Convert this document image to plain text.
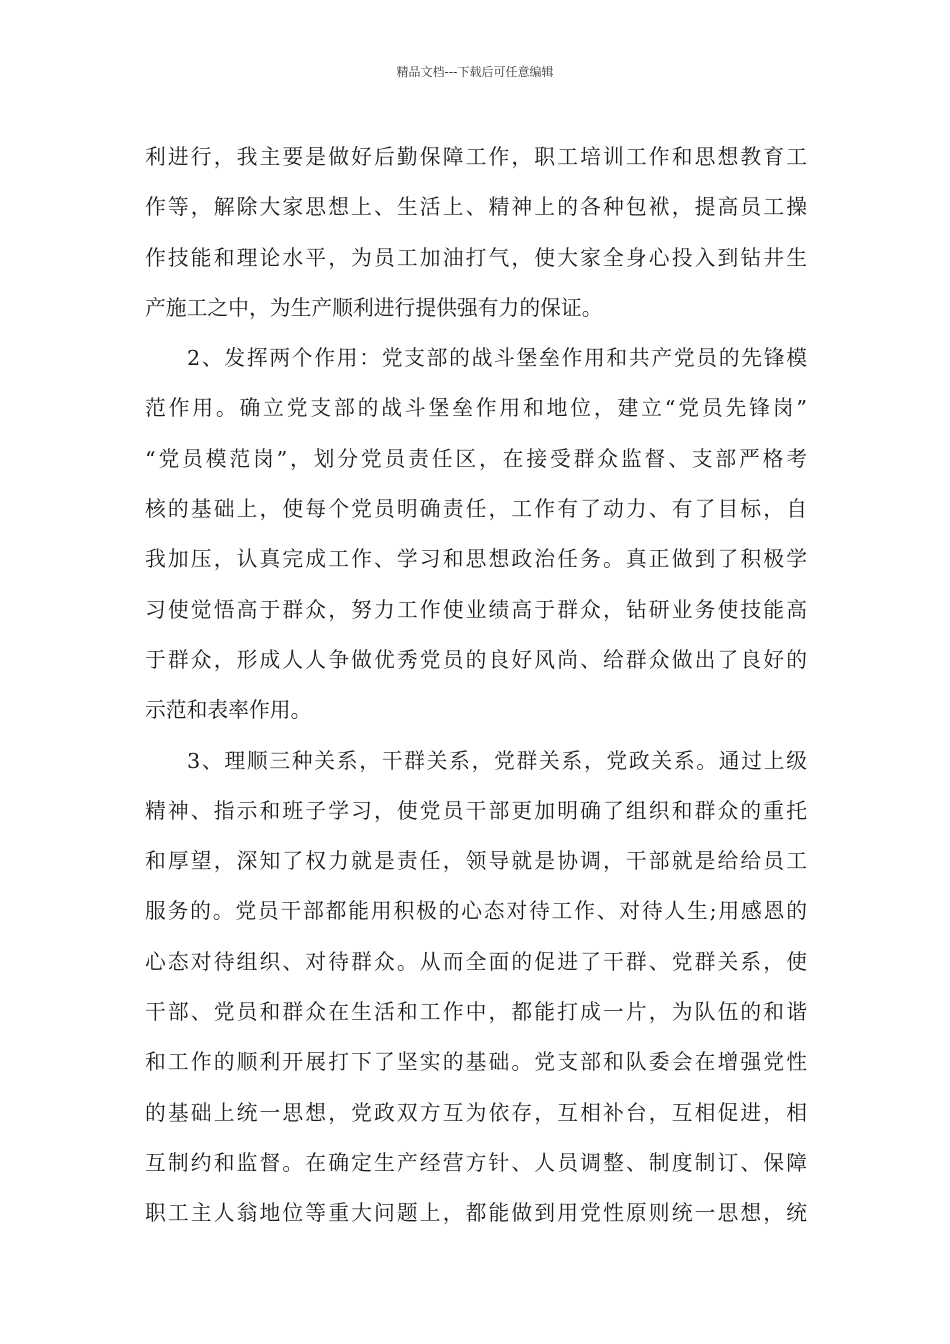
精品文档---下载后可任意编辑
利进行，我主要是做好后勤保障工作，职工培训工作和思想教育工
作等，解除大家思想上、生活上、精神上的各种包袱，提高员工操
作技能和理论水平，为员工加油打气，使大家全身心投入到钻井生
产施工之中，为生产顺利进行提供强有力的保证。
2、发挥两个作用：党支部的战斗堡垒作用和共产党员的先锋模
范作用。确立党支部的战斗堡垒作用和地位，建立“党员先锋岗”
“党员模范岗”，划分党员责任区，在接受群众监督、支部严格考
核的基础上，使每个党员明确责任，工作有了动力、有了目标，自
我加压，认真完成工作、学习和思想政治任务。真正做到了积极学
习使觉悟高于群众，努力工作使业绩高于群众，钻研业务使技能高
于群众，形成人人争做优秀党员的良好风尚、给群众做出了良好的
示范和表率作用。
3、理顺三种关系，干群关系，党群关系，党政关系。通过上级
精神、指示和班子学习，使党员干部更加明确了组织和群众的重托
和厚望，深知了权力就是责任，领导就是协调，干部就是给给员工
服务的。党员干部都能用积极的心态对待工作、对待人生;用感恩的
心态对待组织、对待群众。从而全面的促进了干群、党群关系，使
干部、党员和群众在生活和工作中，都能打成一片，为队伍的和谐
和工作的顺利开展打下了坚实的基础。党支部和队委会在增强党性
的基础上统一思想，党政双方互为依存，互相补台，互相促进，相
互制约和监督。在确定生产经营方针、人员调整、制度制订、保障
职工主人翁地位等重大问题上，都能做到用党性原则统一思想，统
